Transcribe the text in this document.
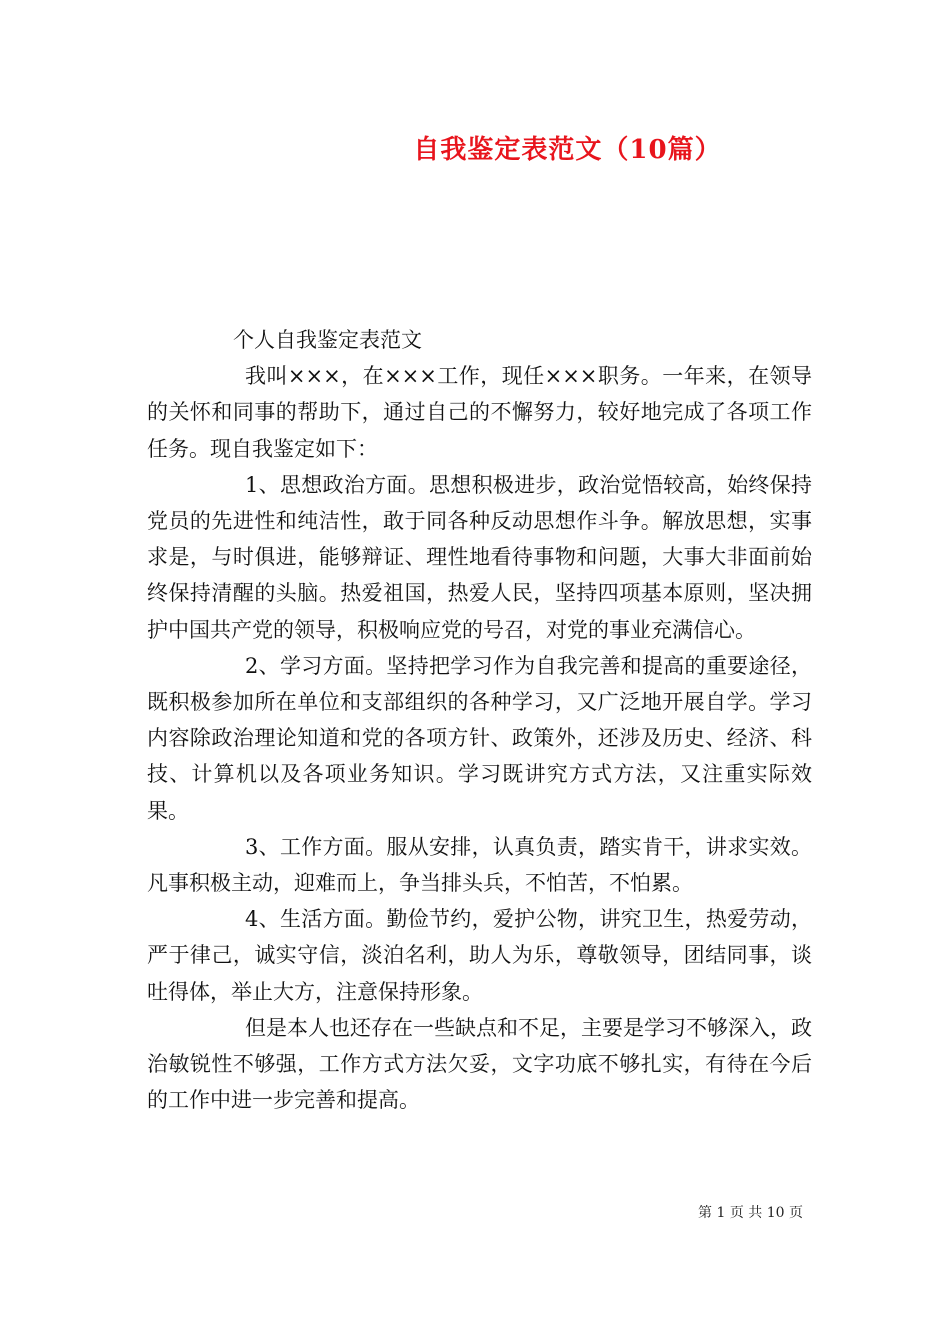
自我鉴定表范文（10篇）
个人自我鉴定表范文

我叫×××，在×××工作，现任×××职务。一年来，在领导的关怀和同事的帮助下，通过自己的不懈努力，较好地完成了各项工作任务。现自我鉴定如下：

1、思想政治方面。思想积极进步，政治觉悟较高，始终保持党员的先进性和纯洁性，敢于同各种反动思想作斗争。解放思想，实事求是，与时俱进，能够辩证、理性地看待事物和问题，大事大非面前始终保持清醒的头脑。热爱祖国，热爱人民，坚持四项基本原则，坚决拥护中国共产党的领导，积极响应党的号召，对党的事业充满信心。

2、学习方面。坚持把学习作为自我完善和提高的重要途径，既积极参加所在单位和支部组织的各种学习，又广泛地开展自学。学习内容除政治理论知道和党的各项方针、政策外，还涉及历史、经济、科技、计算机以及各项业务知识。学习既讲究方式方法，又注重实际效果。

3、工作方面。服从安排，认真负责，踏实肯干，讲求实效。凡事积极主动，迎难而上，争当排头兵，不怕苦，不怕累。

4、生活方面。勤俭节约，爱护公物，讲究卫生，热爱劳动，严于律己，诚实守信，淡泊名利，助人为乐，尊敬领导，团结同事，谈吐得体，举止大方，注意保持形象。

但是本人也还存在一些缺点和不足，主要是学习不够深入，政治敏锐性不够强，工作方式方法欠妥，文字功底不够扎实，有待在今后的工作中进一步完善和提高。

第 1 页 共 10 页
